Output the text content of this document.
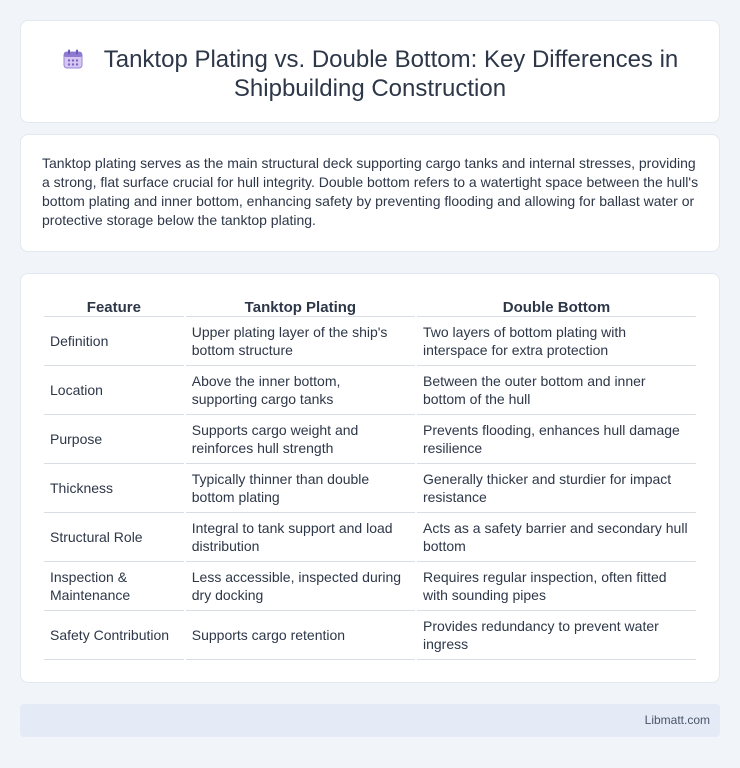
Tanktop Plating vs. Double Bottom: Key Differences in
Shipbuilding Construction

Tanktop plating serves as the main structural deck supporting cargo tanks and internal stresses, providing a strong, flat surface crucial for hull integrity. Double bottom refers to a watertight space between the hull's bottom plating and inner bottom, enhancing safety by preventing flooding and allowing for ballast water or protective storage below the tanktop plating.

Feature	Tanktop Plating	Double Bottom
Definition	Upper plating layer of the ship's bottom structure	Two layers of bottom plating with interspace for extra protection
Location	Above the inner bottom, supporting cargo tanks	Between the outer bottom and inner bottom of the hull
Purpose	Supports cargo weight and reinforces hull strength	Prevents flooding, enhances hull damage resilience
Thickness	Typically thinner than double bottom plating	Generally thicker and sturdier for impact resistance
Structural Role	Integral to tank support and load distribution	Acts as a safety barrier and secondary hull bottom
Inspection & Maintenance	Less accessible, inspected during dry docking	Requires regular inspection, often fitted with sounding pipes
Safety Contribution	Supports cargo retention	Provides redundancy to prevent water ingress
Libmatt.com
